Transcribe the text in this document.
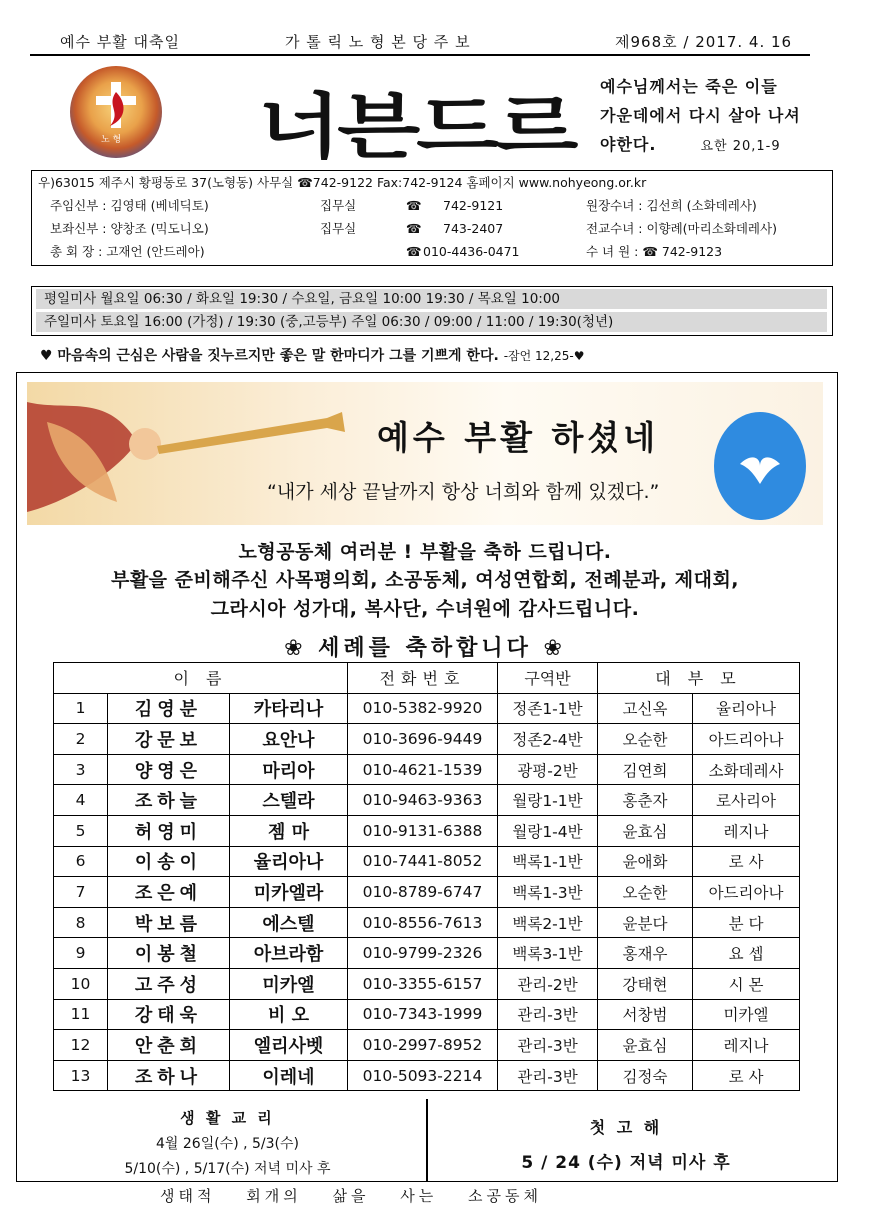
예수 부활 대축일	가 톨 릭 노 형 본 당 주 보	제968호 / 2017. 4. 16
노 형 너븐드르 예수님께서는 죽은 이들
가운데에서 다시 살아 나셔
야한다.	요한 20,1-9
우)63015 제주시 황평동로 37(노형동) 사무실 ☎742-9122 Fax:742-9124 홈페이지 www.nohyeong.or.kr
주임신부 : 김영태 (베네딕토)	집무실	☎ 742-9121	원장수녀 : 김선희 (소화데레사)
보좌신부 : 양창조 (믹도니오)	집무실	☎ 743-2407	전교수녀 : 이향례(마리소화데레사)
총 회 장 : 고재언 (안드레아)	☎ 010-4436-0471	수 녀 원 : ☎ 742-9123
평일미사 월요일 06:30 / 화요일 19:30 / 수요일, 금요일 10:00 19:30 / 목요일 10:00
주일미사 토요일 16:00 (가정) / 19:30 (중,고등부) 주일 06:30 / 09:00 / 11:00 / 19:30(청년)
♥ 마음속의 근심은 사람을 짓누르지만 좋은 말 한마디가 그를 기쁘게 한다. -잠언 12,25-♥
예수 부활 하셨네
“내가 세상 끝날까지 항상 너희와 함께 있겠다.”
노형공동체 여러분 ! 부활을 축하 드립니다.
부활을 준비해주신 사목평의회, 소공동체, 여성연합회, 전례분과, 제대회,
그라시아 성가대, 복사단, 수녀원에 감사드립니다.
❀ 세례를 축하합니다 ❀
이 름			전화번호	구역반	대 부 모	
1	김영분	카타리나	010-5382-9920	정존1-1반	고신옥	율리아나
2	강문보	요안나	010-3696-9449	정존2-4반	오순한	아드리아나
3	양영은	마리아	010-4621-1539	광평-2반	김연희	소화데레사
4	조하늘	스텔라	010-9463-9363	월랑1-1반	홍춘자	로사리아
5	허영미	젬 마	010-9131-6388	월랑1-4반	윤효심	레지나
6	이송이	율리아나	010-7441-8052	백록1-1반	윤애화	로 사
7	조은예	미카엘라	010-8789-6747	백록1-3반	오순한	아드리아나
8	박보름	에스텔	010-8556-7613	백록2-1반	윤분다	분 다
9	이봉철	아브라함	010-9799-2326	백록3-1반	홍재우	요 셉
10	고주성	미카엘	010-3355-6157	관리-2반	강태현	시 몬
11	강태욱	비 오	010-7343-1999	관리-3반	서창범	미카엘
12	안춘희	엘리사벳	010-2997-8952	관리-3반	윤효심	레지나
13	조하나	이레네	010-5093-2214	관리-3반	김정숙	로 사
생 활 교 리
4월 26일(수) , 5/3(수)
5/10(수) , 5/17(수) 저녁 미사 후
첫 고 해
5 / 24 (수) 저녁 미사 후
생태적 회개의 삶을 사는 소공동체
